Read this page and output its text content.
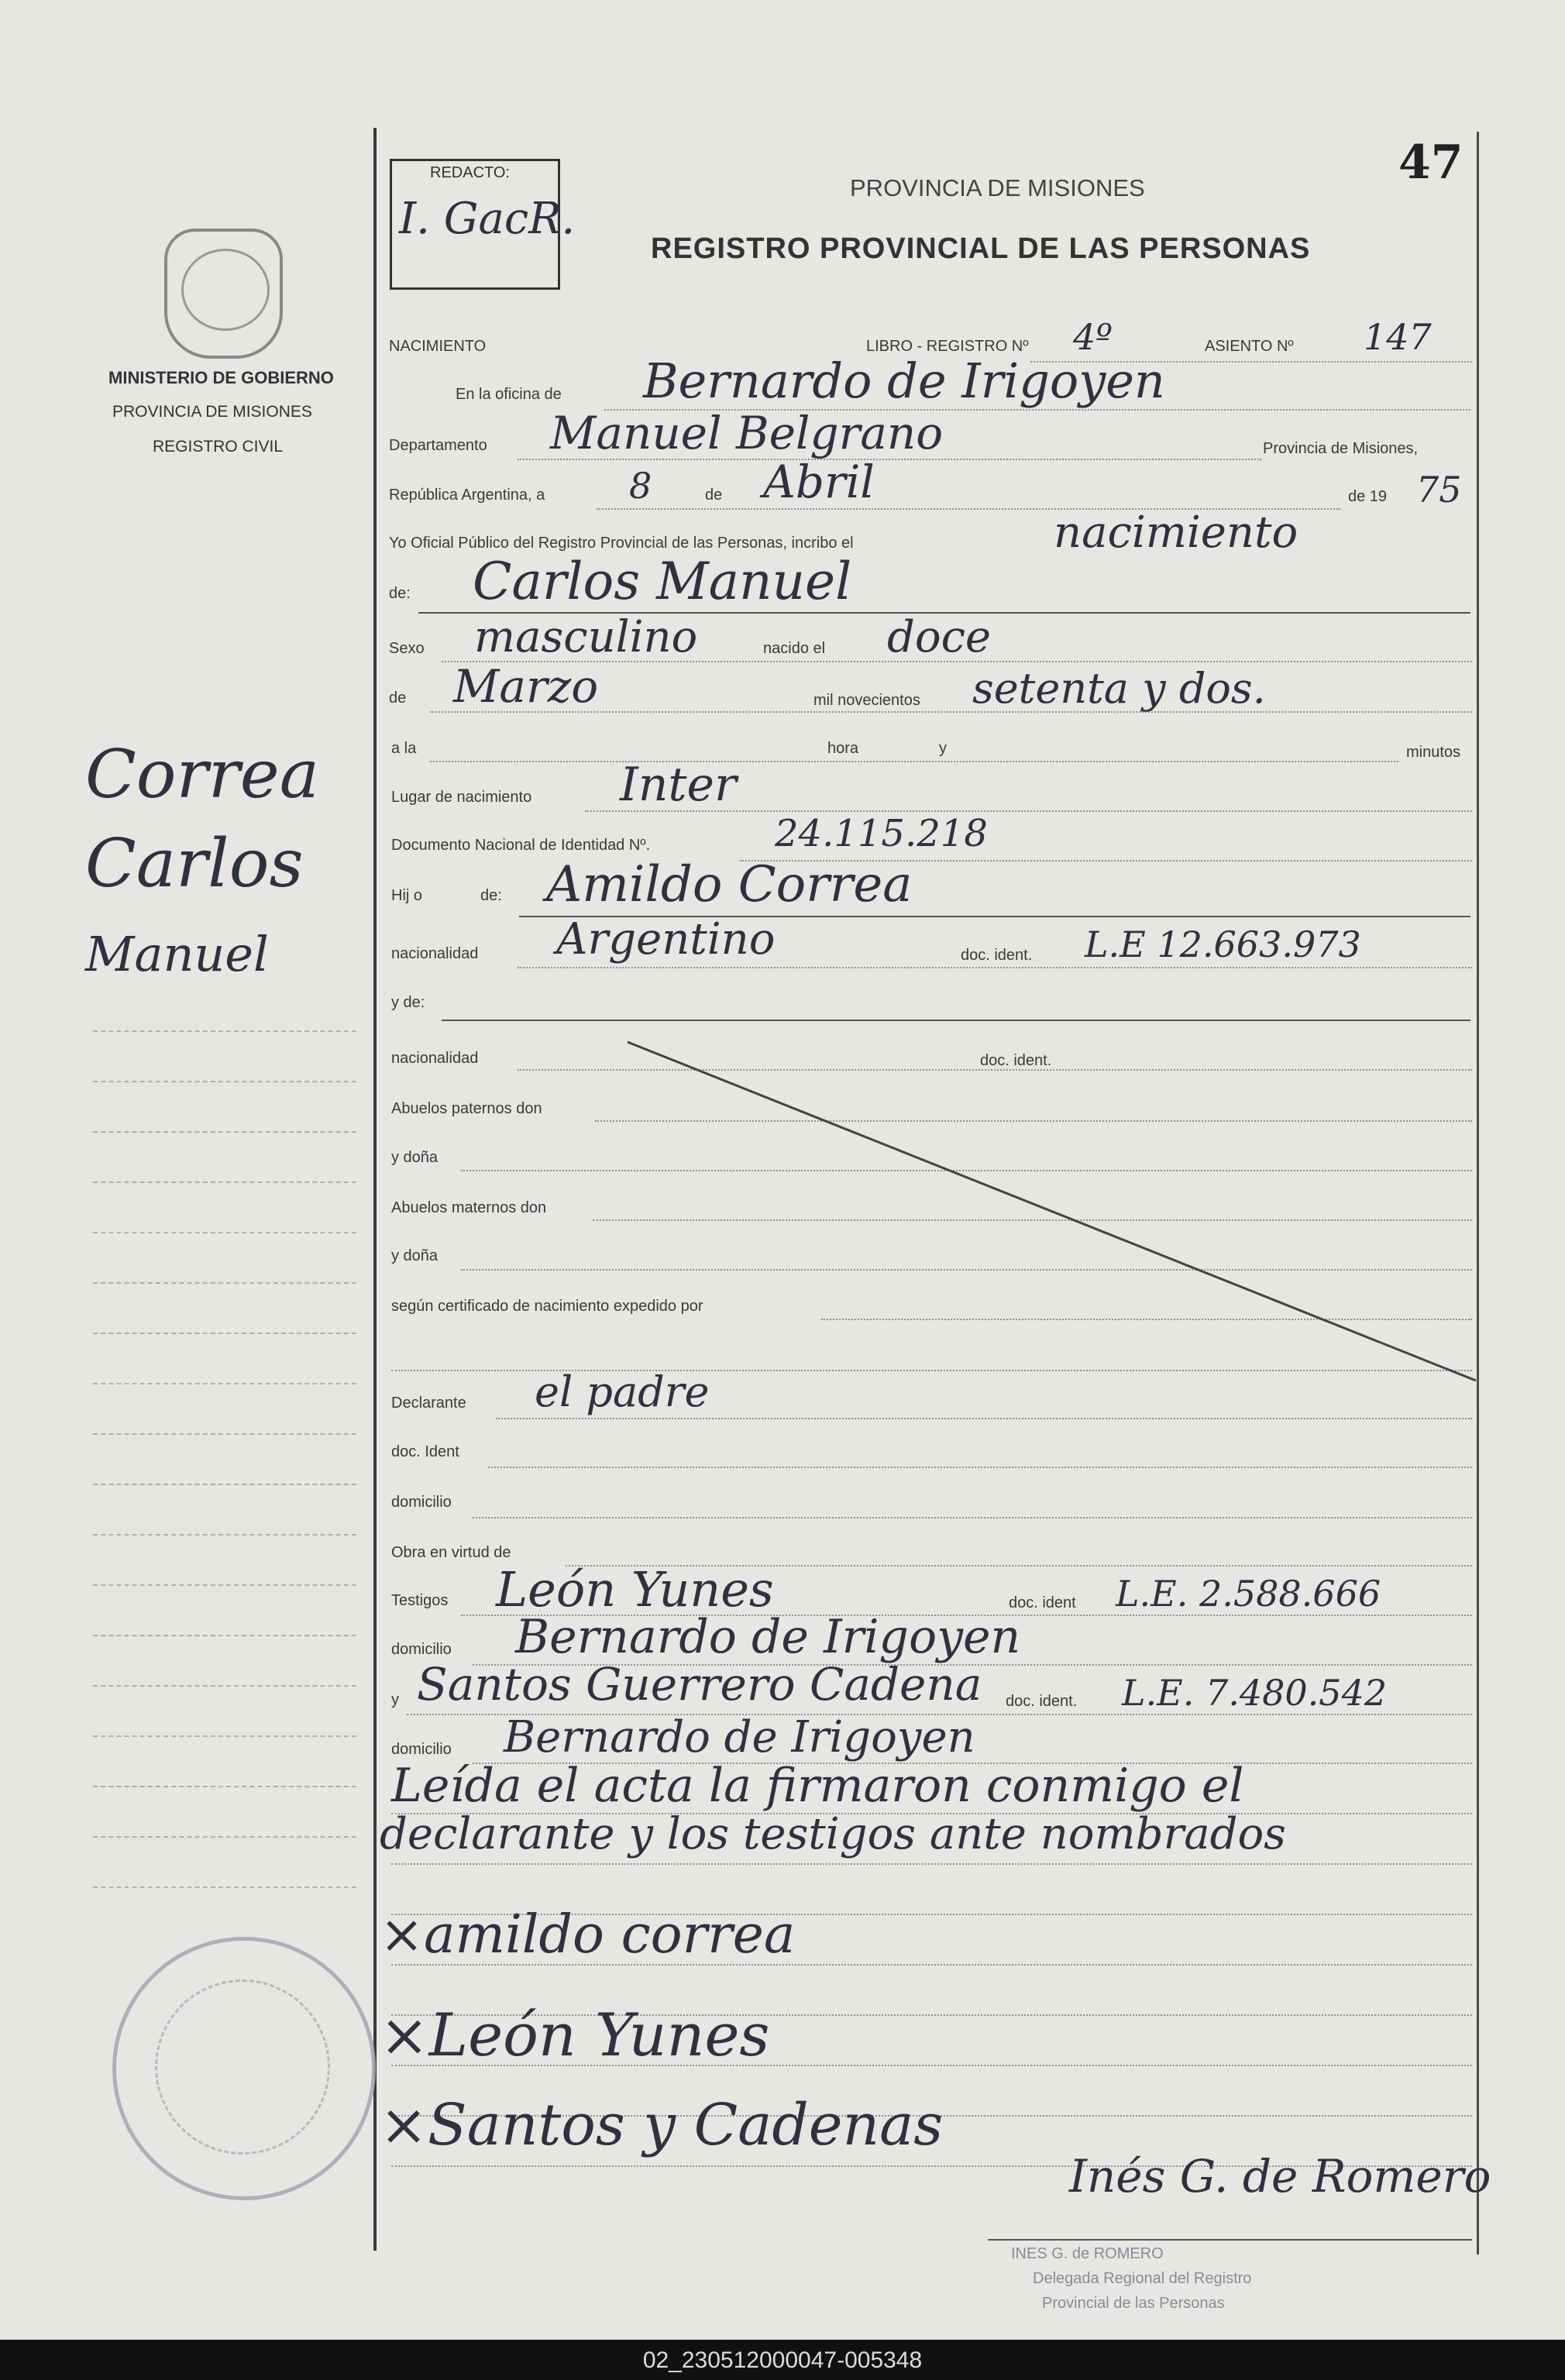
47
MINISTERIO DE GOBIERNO
PROVINCIA DE MISIONES
REGISTRO CIVIL
Correa
Carlos
Manuel
REDACTO:
I. GacR.
PROVINCIA DE MISIONES
REGISTRO PROVINCIAL DE LAS PERSONAS
NACIMIENTO	LIBRO - REGISTRO Nº 4º	ASIENTO Nº 147
En la oficina de Bernardo de Irigoyen
Departamento Manuel Belgrano	Provincia de Misiones,
República Argentina, a 8	de Abril	de 19 75
Yo Oficial Público del Registro Provincial de las Personas, incribo el	nacimiento
de: Carlos Manuel
Sexo masculino	nacido el doce
de Marzo	mil novecientos setenta y dos.
a la	hora	y	minutos
Lugar de nacimiento Inter
Documento Nacional de Identidad Nº.	24.115.218
Hij o	de: Amildo Correa
nacionalidad Argentino	doc. ident. L.E 12.663.973
y de:
nacionalidad	doc. ident.
Abuelos paternos don
y doña
Abuelos maternos don
y doña
según certificado de nacimiento expedido por
Declarante el padre
doc. Ident
domicilio
Obra en virtud de
Testigos León Yunes	doc. ident L.E. 2.588.666
domicilio Bernardo de Irigoyen
y Santos Guerrero Cadena doc. ident. L.E. 7.480.542
domicilio Bernardo de Irigoyen
Leída el acta la firmaron conmigo el
declarante y los testigos ante nombrados
×amildo correa
×León Yunes
×Santos y Cadenas
Inés G. de Romero
INES G. de ROMERO
Delegada Regional del Registro
Provincial de las Personas
02_230512000047-005348
